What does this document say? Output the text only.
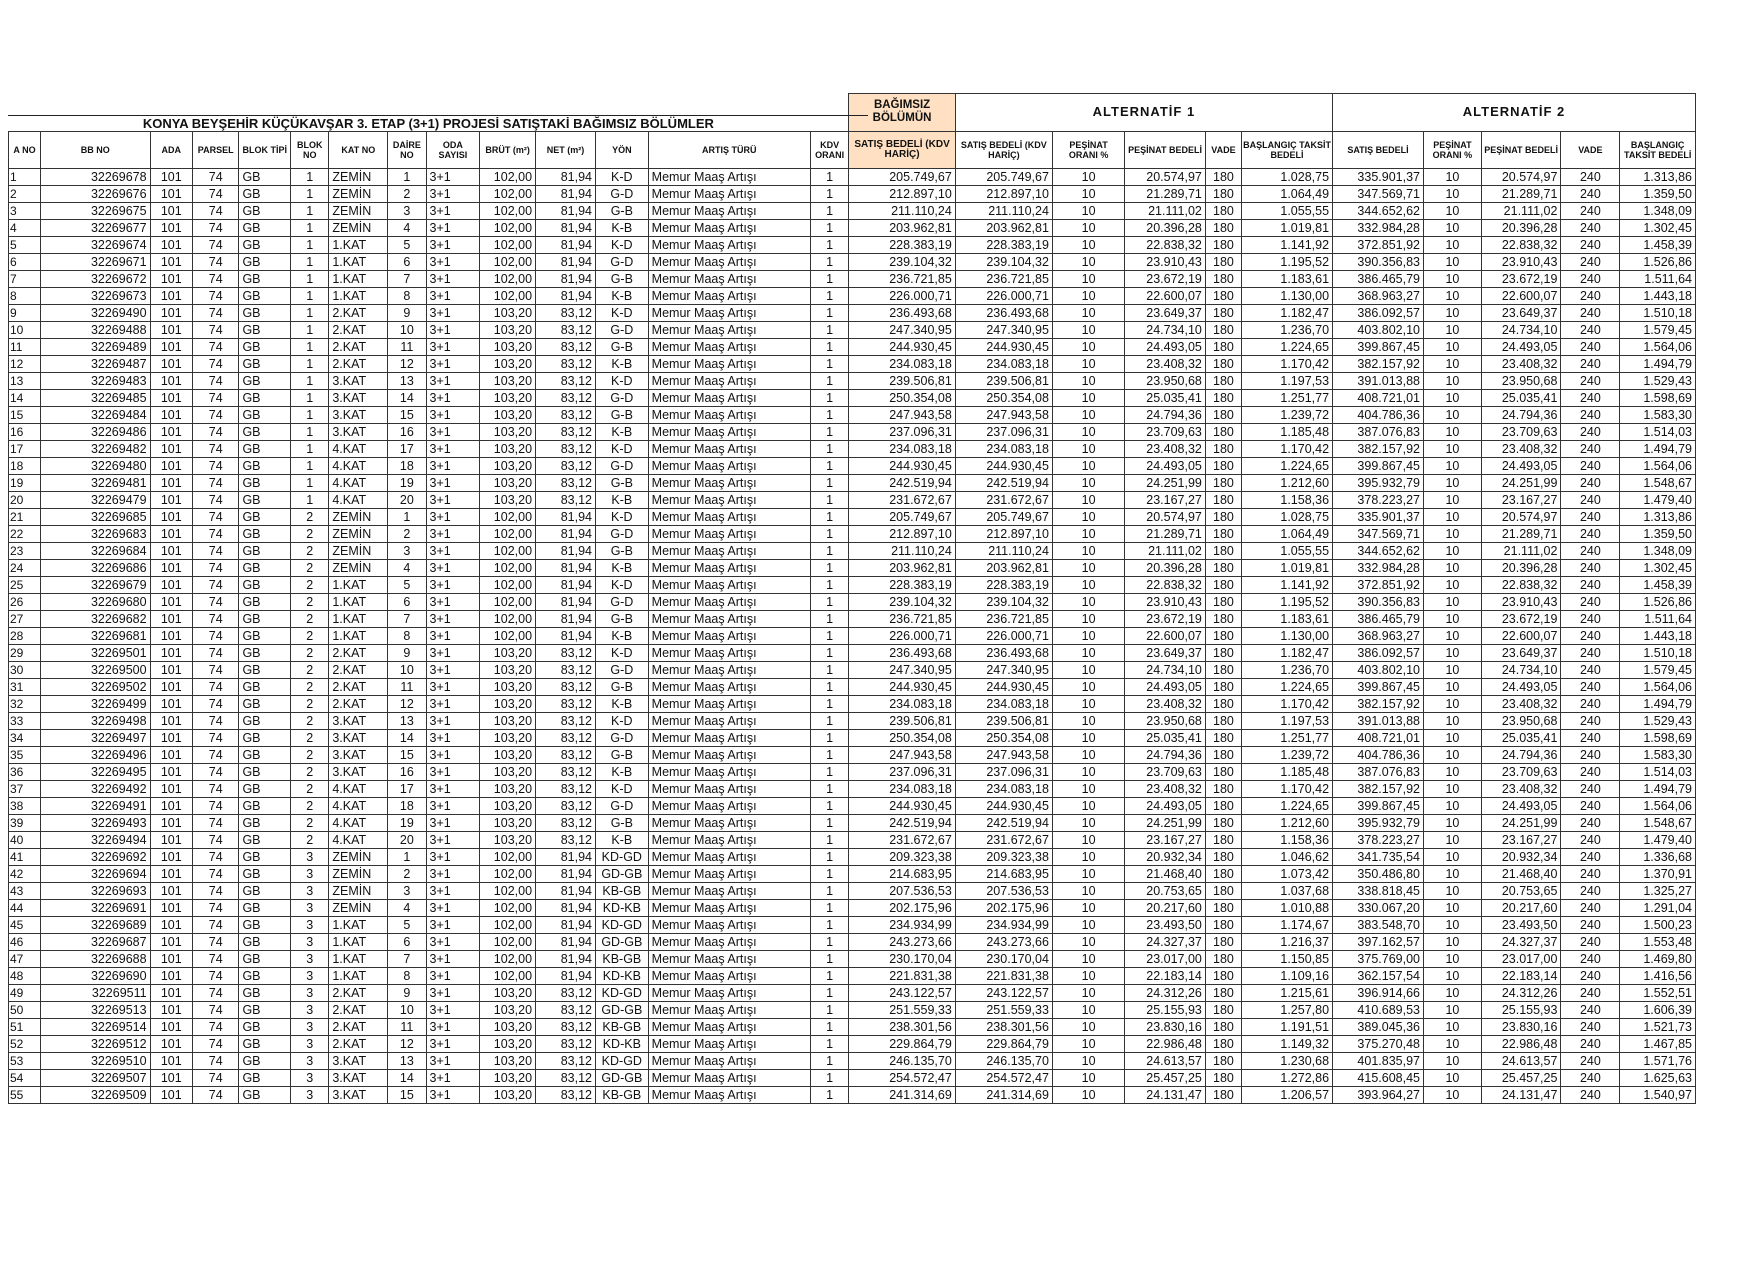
KONYA BEYŞEHİR KÜÇÜKAVŞAR 3. ETAP (3+1) PROJESİ SATIŞTAKİ BAĞIMSIZ BÖLÜMLER														BAĞIMSIZ BÖLÜMÜN	ALTERNATİF 1					ALTERNATİF 2				
A NO	BB NO	ADA	PARSEL	BLOK TİPİ	BLOK NO	KAT NO	DAİRE NO	ODA SAYISI	BRÜT (m²)	NET (m²)	YÖN	ARTIŞ TÜRÜ	KDV ORANI	SATIŞ BEDELİ (KDV HARİÇ)	SATIŞ BEDELİ (KDV HARİÇ)	PEŞİNAT ORANI %	PEŞİNAT BEDELİ	VADE	BAŞLANGIÇ TAKSİT BEDELİ	SATIŞ BEDELİ	PEŞİNAT ORANI %	PEŞİNAT BEDELİ	VADE	BAŞLANGIÇ TAKSİT BEDELİ
1	32269678	101	74	GB	1	ZEMİN	1	3+1	102,00	81,94	K-D	Memur Maaş Artışı	1	205.749,67	205.749,67	10	20.574,97	180	1.028,75	335.901,37	10	20.574,97	240	1.313,86
2	32269676	101	74	GB	1	ZEMİN	2	3+1	102,00	81,94	G-D	Memur Maaş Artışı	1	212.897,10	212.897,10	10	21.289,71	180	1.064,49	347.569,71	10	21.289,71	240	1.359,50
3	32269675	101	74	GB	1	ZEMİN	3	3+1	102,00	81,94	G-B	Memur Maaş Artışı	1	211.110,24	211.110,24	10	21.111,02	180	1.055,55	344.652,62	10	21.111,02	240	1.348,09
4	32269677	101	74	GB	1	ZEMİN	4	3+1	102,00	81,94	K-B	Memur Maaş Artışı	1	203.962,81	203.962,81	10	20.396,28	180	1.019,81	332.984,28	10	20.396,28	240	1.302,45
5	32269674	101	74	GB	1	1.KAT	5	3+1	102,00	81,94	K-D	Memur Maaş Artışı	1	228.383,19	228.383,19	10	22.838,32	180	1.141,92	372.851,92	10	22.838,32	240	1.458,39
6	32269671	101	74	GB	1	1.KAT	6	3+1	102,00	81,94	G-D	Memur Maaş Artışı	1	239.104,32	239.104,32	10	23.910,43	180	1.195,52	390.356,83	10	23.910,43	240	1.526,86
7	32269672	101	74	GB	1	1.KAT	7	3+1	102,00	81,94	G-B	Memur Maaş Artışı	1	236.721,85	236.721,85	10	23.672,19	180	1.183,61	386.465,79	10	23.672,19	240	1.511,64
8	32269673	101	74	GB	1	1.KAT	8	3+1	102,00	81,94	K-B	Memur Maaş Artışı	1	226.000,71	226.000,71	10	22.600,07	180	1.130,00	368.963,27	10	22.600,07	240	1.443,18
9	32269490	101	74	GB	1	2.KAT	9	3+1	103,20	83,12	K-D	Memur Maaş Artışı	1	236.493,68	236.493,68	10	23.649,37	180	1.182,47	386.092,57	10	23.649,37	240	1.510,18
10	32269488	101	74	GB	1	2.KAT	10	3+1	103,20	83,12	G-D	Memur Maaş Artışı	1	247.340,95	247.340,95	10	24.734,10	180	1.236,70	403.802,10	10	24.734,10	240	1.579,45
11	32269489	101	74	GB	1	2.KAT	11	3+1	103,20	83,12	G-B	Memur Maaş Artışı	1	244.930,45	244.930,45	10	24.493,05	180	1.224,65	399.867,45	10	24.493,05	240	1.564,06
12	32269487	101	74	GB	1	2.KAT	12	3+1	103,20	83,12	K-B	Memur Maaş Artışı	1	234.083,18	234.083,18	10	23.408,32	180	1.170,42	382.157,92	10	23.408,32	240	1.494,79
13	32269483	101	74	GB	1	3.KAT	13	3+1	103,20	83,12	K-D	Memur Maaş Artışı	1	239.506,81	239.506,81	10	23.950,68	180	1.197,53	391.013,88	10	23.950,68	240	1.529,43
14	32269485	101	74	GB	1	3.KAT	14	3+1	103,20	83,12	G-D	Memur Maaş Artışı	1	250.354,08	250.354,08	10	25.035,41	180	1.251,77	408.721,01	10	25.035,41	240	1.598,69
15	32269484	101	74	GB	1	3.KAT	15	3+1	103,20	83,12	G-B	Memur Maaş Artışı	1	247.943,58	247.943,58	10	24.794,36	180	1.239,72	404.786,36	10	24.794,36	240	1.583,30
16	32269486	101	74	GB	1	3.KAT	16	3+1	103,20	83,12	K-B	Memur Maaş Artışı	1	237.096,31	237.096,31	10	23.709,63	180	1.185,48	387.076,83	10	23.709,63	240	1.514,03
17	32269482	101	74	GB	1	4.KAT	17	3+1	103,20	83,12	K-D	Memur Maaş Artışı	1	234.083,18	234.083,18	10	23.408,32	180	1.170,42	382.157,92	10	23.408,32	240	1.494,79
18	32269480	101	74	GB	1	4.KAT	18	3+1	103,20	83,12	G-D	Memur Maaş Artışı	1	244.930,45	244.930,45	10	24.493,05	180	1.224,65	399.867,45	10	24.493,05	240	1.564,06
19	32269481	101	74	GB	1	4.KAT	19	3+1	103,20	83,12	G-B	Memur Maaş Artışı	1	242.519,94	242.519,94	10	24.251,99	180	1.212,60	395.932,79	10	24.251,99	240	1.548,67
20	32269479	101	74	GB	1	4.KAT	20	3+1	103,20	83,12	K-B	Memur Maaş Artışı	1	231.672,67	231.672,67	10	23.167,27	180	1.158,36	378.223,27	10	23.167,27	240	1.479,40
21	32269685	101	74	GB	2	ZEMİN	1	3+1	102,00	81,94	K-D	Memur Maaş Artışı	1	205.749,67	205.749,67	10	20.574,97	180	1.028,75	335.901,37	10	20.574,97	240	1.313,86
22	32269683	101	74	GB	2	ZEMİN	2	3+1	102,00	81,94	G-D	Memur Maaş Artışı	1	212.897,10	212.897,10	10	21.289,71	180	1.064,49	347.569,71	10	21.289,71	240	1.359,50
23	32269684	101	74	GB	2	ZEMİN	3	3+1	102,00	81,94	G-B	Memur Maaş Artışı	1	211.110,24	211.110,24	10	21.111,02	180	1.055,55	344.652,62	10	21.111,02	240	1.348,09
24	32269686	101	74	GB	2	ZEMİN	4	3+1	102,00	81,94	K-B	Memur Maaş Artışı	1	203.962,81	203.962,81	10	20.396,28	180	1.019,81	332.984,28	10	20.396,28	240	1.302,45
25	32269679	101	74	GB	2	1.KAT	5	3+1	102,00	81,94	K-D	Memur Maaş Artışı	1	228.383,19	228.383,19	10	22.838,32	180	1.141,92	372.851,92	10	22.838,32	240	1.458,39
26	32269680	101	74	GB	2	1.KAT	6	3+1	102,00	81,94	G-D	Memur Maaş Artışı	1	239.104,32	239.104,32	10	23.910,43	180	1.195,52	390.356,83	10	23.910,43	240	1.526,86
27	32269682	101	74	GB	2	1.KAT	7	3+1	102,00	81,94	G-B	Memur Maaş Artışı	1	236.721,85	236.721,85	10	23.672,19	180	1.183,61	386.465,79	10	23.672,19	240	1.511,64
28	32269681	101	74	GB	2	1.KAT	8	3+1	102,00	81,94	K-B	Memur Maaş Artışı	1	226.000,71	226.000,71	10	22.600,07	180	1.130,00	368.963,27	10	22.600,07	240	1.443,18
29	32269501	101	74	GB	2	2.KAT	9	3+1	103,20	83,12	K-D	Memur Maaş Artışı	1	236.493,68	236.493,68	10	23.649,37	180	1.182,47	386.092,57	10	23.649,37	240	1.510,18
30	32269500	101	74	GB	2	2.KAT	10	3+1	103,20	83,12	G-D	Memur Maaş Artışı	1	247.340,95	247.340,95	10	24.734,10	180	1.236,70	403.802,10	10	24.734,10	240	1.579,45
31	32269502	101	74	GB	2	2.KAT	11	3+1	103,20	83,12	G-B	Memur Maaş Artışı	1	244.930,45	244.930,45	10	24.493,05	180	1.224,65	399.867,45	10	24.493,05	240	1.564,06
32	32269499	101	74	GB	2	2.KAT	12	3+1	103,20	83,12	K-B	Memur Maaş Artışı	1	234.083,18	234.083,18	10	23.408,32	180	1.170,42	382.157,92	10	23.408,32	240	1.494,79
33	32269498	101	74	GB	2	3.KAT	13	3+1	103,20	83,12	K-D	Memur Maaş Artışı	1	239.506,81	239.506,81	10	23.950,68	180	1.197,53	391.013,88	10	23.950,68	240	1.529,43
34	32269497	101	74	GB	2	3.KAT	14	3+1	103,20	83,12	G-D	Memur Maaş Artışı	1	250.354,08	250.354,08	10	25.035,41	180	1.251,77	408.721,01	10	25.035,41	240	1.598,69
35	32269496	101	74	GB	2	3.KAT	15	3+1	103,20	83,12	G-B	Memur Maaş Artışı	1	247.943,58	247.943,58	10	24.794,36	180	1.239,72	404.786,36	10	24.794,36	240	1.583,30
36	32269495	101	74	GB	2	3.KAT	16	3+1	103,20	83,12	K-B	Memur Maaş Artışı	1	237.096,31	237.096,31	10	23.709,63	180	1.185,48	387.076,83	10	23.709,63	240	1.514,03
37	32269492	101	74	GB	2	4.KAT	17	3+1	103,20	83,12	K-D	Memur Maaş Artışı	1	234.083,18	234.083,18	10	23.408,32	180	1.170,42	382.157,92	10	23.408,32	240	1.494,79
38	32269491	101	74	GB	2	4.KAT	18	3+1	103,20	83,12	G-D	Memur Maaş Artışı	1	244.930,45	244.930,45	10	24.493,05	180	1.224,65	399.867,45	10	24.493,05	240	1.564,06
39	32269493	101	74	GB	2	4.KAT	19	3+1	103,20	83,12	G-B	Memur Maaş Artışı	1	242.519,94	242.519,94	10	24.251,99	180	1.212,60	395.932,79	10	24.251,99	240	1.548,67
40	32269494	101	74	GB	2	4.KAT	20	3+1	103,20	83,12	K-B	Memur Maaş Artışı	1	231.672,67	231.672,67	10	23.167,27	180	1.158,36	378.223,27	10	23.167,27	240	1.479,40
41	32269692	101	74	GB	3	ZEMİN	1	3+1	102,00	81,94	KD-GD	Memur Maaş Artışı	1	209.323,38	209.323,38	10	20.932,34	180	1.046,62	341.735,54	10	20.932,34	240	1.336,68
42	32269694	101	74	GB	3	ZEMİN	2	3+1	102,00	81,94	GD-GB	Memur Maaş Artışı	1	214.683,95	214.683,95	10	21.468,40	180	1.073,42	350.486,80	10	21.468,40	240	1.370,91
43	32269693	101	74	GB	3	ZEMİN	3	3+1	102,00	81,94	KB-GB	Memur Maaş Artışı	1	207.536,53	207.536,53	10	20.753,65	180	1.037,68	338.818,45	10	20.753,65	240	1.325,27
44	32269691	101	74	GB	3	ZEMİN	4	3+1	102,00	81,94	KD-KB	Memur Maaş Artışı	1	202.175,96	202.175,96	10	20.217,60	180	1.010,88	330.067,20	10	20.217,60	240	1.291,04
45	32269689	101	74	GB	3	1.KAT	5	3+1	102,00	81,94	KD-GD	Memur Maaş Artışı	1	234.934,99	234.934,99	10	23.493,50	180	1.174,67	383.548,70	10	23.493,50	240	1.500,23
46	32269687	101	74	GB	3	1.KAT	6	3+1	102,00	81,94	GD-GB	Memur Maaş Artışı	1	243.273,66	243.273,66	10	24.327,37	180	1.216,37	397.162,57	10	24.327,37	240	1.553,48
47	32269688	101	74	GB	3	1.KAT	7	3+1	102,00	81,94	KB-GB	Memur Maaş Artışı	1	230.170,04	230.170,04	10	23.017,00	180	1.150,85	375.769,00	10	23.017,00	240	1.469,80
48	32269690	101	74	GB	3	1.KAT	8	3+1	102,00	81,94	KD-KB	Memur Maaş Artışı	1	221.831,38	221.831,38	10	22.183,14	180	1.109,16	362.157,54	10	22.183,14	240	1.416,56
49	32269511	101	74	GB	3	2.KAT	9	3+1	103,20	83,12	KD-GD	Memur Maaş Artışı	1	243.122,57	243.122,57	10	24.312,26	180	1.215,61	396.914,66	10	24.312,26	240	1.552,51
50	32269513	101	74	GB	3	2.KAT	10	3+1	103,20	83,12	GD-GB	Memur Maaş Artışı	1	251.559,33	251.559,33	10	25.155,93	180	1.257,80	410.689,53	10	25.155,93	240	1.606,39
51	32269514	101	74	GB	3	2.KAT	11	3+1	103,20	83,12	KB-GB	Memur Maaş Artışı	1	238.301,56	238.301,56	10	23.830,16	180	1.191,51	389.045,36	10	23.830,16	240	1.521,73
52	32269512	101	74	GB	3	2.KAT	12	3+1	103,20	83,12	KD-KB	Memur Maaş Artışı	1	229.864,79	229.864,79	10	22.986,48	180	1.149,32	375.270,48	10	22.986,48	240	1.467,85
53	32269510	101	74	GB	3	3.KAT	13	3+1	103,20	83,12	KD-GD	Memur Maaş Artışı	1	246.135,70	246.135,70	10	24.613,57	180	1.230,68	401.835,97	10	24.613,57	240	1.571,76
54	32269507	101	74	GB	3	3.KAT	14	3+1	103,20	83,12	GD-GB	Memur Maaş Artışı	1	254.572,47	254.572,47	10	25.457,25	180	1.272,86	415.608,45	10	25.457,25	240	1.625,63
55	32269509	101	74	GB	3	3.KAT	15	3+1	103,20	83,12	KB-GB	Memur Maaş Artışı	1	241.314,69	241.314,69	10	24.131,47	180	1.206,57	393.964,27	10	24.131,47	240	1.540,97
